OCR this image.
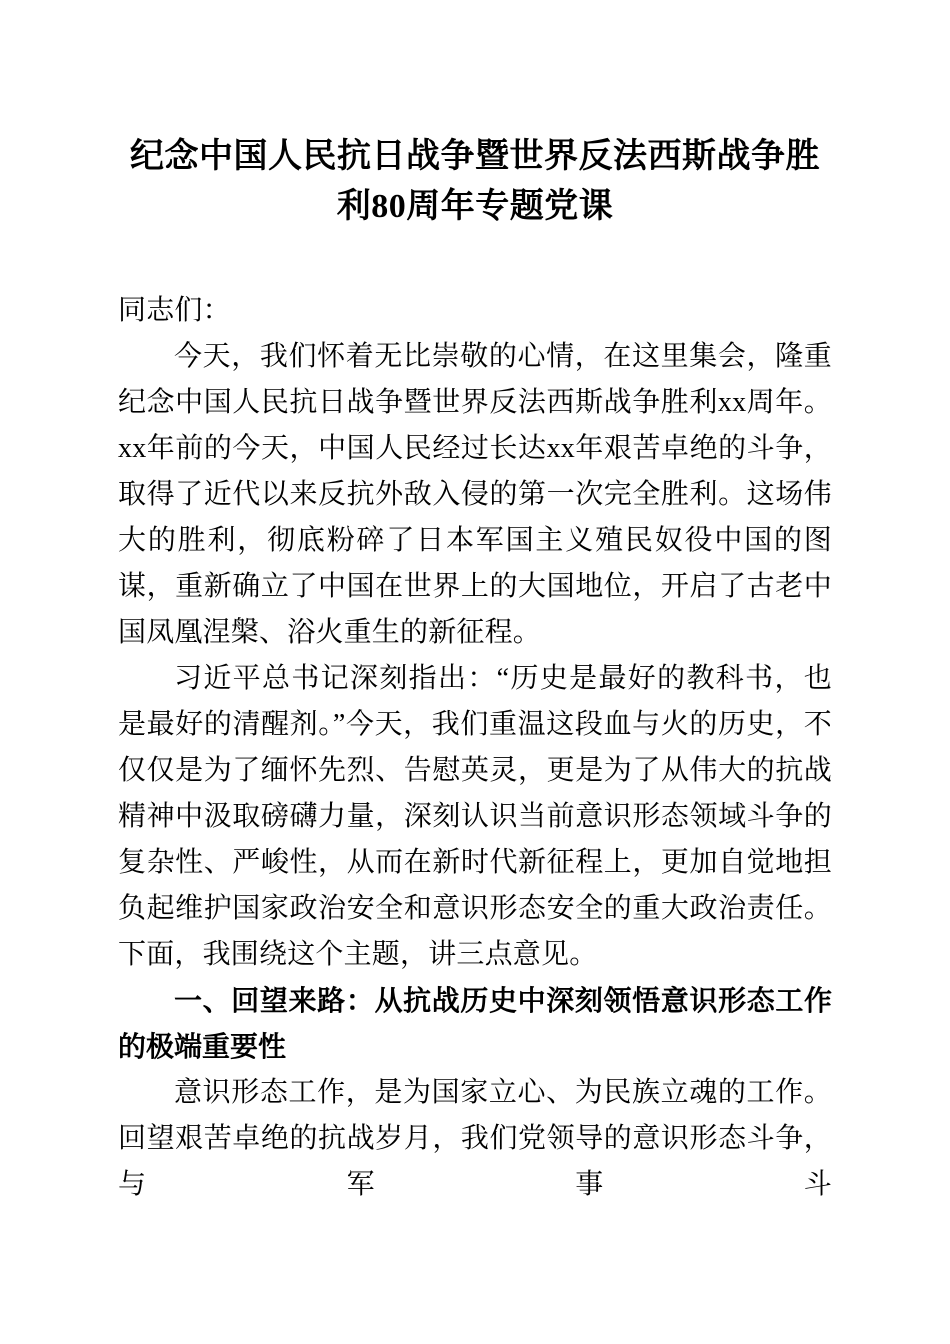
纪念中国人民抗日战争暨世界反法西斯战争胜利80周年专题党课

同志们：

今天，我们怀着无比崇敬的心情，在这里集会，隆重纪念中国人民抗日战争暨世界反法西斯战争胜利xx周年。xx年前的今天，中国人民经过长达xx年艰苦卓绝的斗争，取得了近代以来反抗外敌入侵的第一次完全胜利。这场伟大的胜利，彻底粉碎了日本军国主义殖民奴役中国的图谋，重新确立了中国在世界上的大国地位，开启了古老中国凤凰涅槃、浴火重生的新征程。

习近平总书记深刻指出：“历史是最好的教科书，也是最好的清醒剂。”今天，我们重温这段血与火的历史，不仅仅是为了缅怀先烈、告慰英灵，更是为了从伟大的抗战精神中汲取磅礴力量，深刻认识当前意识形态领域斗争的复杂性、严峻性，从而在新时代新征程上，更加自觉地担负起维护国家政治安全和意识形态安全的重大政治责任。下面，我围绕这个主题，讲三点意见。

一、回望来路：从抗战历史中深刻领悟意识形态工作的极端重要性

意识形态工作，是为国家立心、为民族立魂的工作。回望艰苦卓绝的抗战岁月，我们党领导的意识形态斗争，与军事斗
